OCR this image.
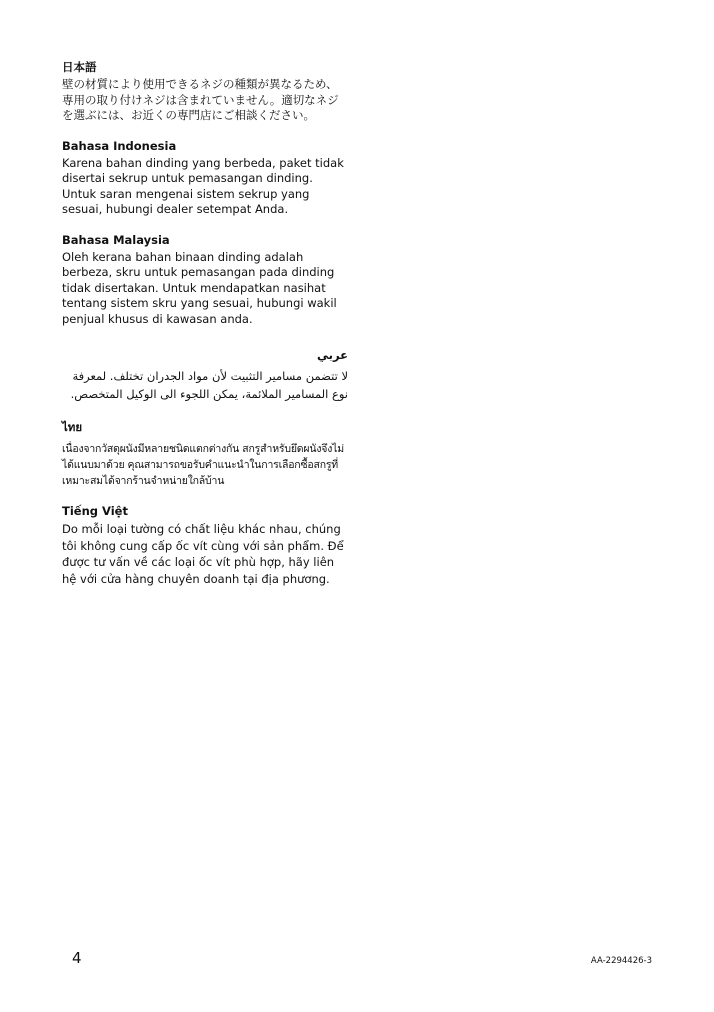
日本語

壁の材質により使用できるネジの種類が異なるため、専用の取り付けネジは含まれていません。適切なネジを選ぶには、お近くの専門店にご相談ください。

Bahasa Indonesia

Karena bahan dinding yang berbeda, paket tidak disertai sekrup untuk pemasangan dinding. Untuk saran mengenai sistem sekrup yang sesuai, hubungi dealer setempat Anda.

Bahasa Malaysia

Oleh kerana bahan binaan dinding adalah berbeza, skru untuk pemasangan pada dinding tidak disertakan. Untuk mendapatkan nasihat tentang sistem skru yang sesuai, hubungi wakil penjual khusus di kawasan anda.

عربي

لا تتضمن مسامير التثبيت لأن مواد الجدران تختلف. لمعرفة نوع المسامير الملائمة، يمكن اللجوء الى الوكيل المتخصص.

ไทย

เนื่องจากวัสดุผนังมีหลายชนิดแตกต่างกัน สกรูสำหรับยึดผนังจึงไม่ได้แนบมาด้วย คุณสามารถขอรับคำแนะนำในการเลือกซื้อสกรูที่เหมาะสมได้จากร้านจำหน่ายใกล้บ้าน

Tiếng Việt

Do mỗi loại tường có chất liệu khác nhau, chúng tôi không cung cấp ốc vít cùng với sản phẩm. Để được tư vấn về các loại ốc vít phù hợp, hãy liên hệ với cửa hàng chuyên doanh tại địa phương.

4	AA-2294426-3
